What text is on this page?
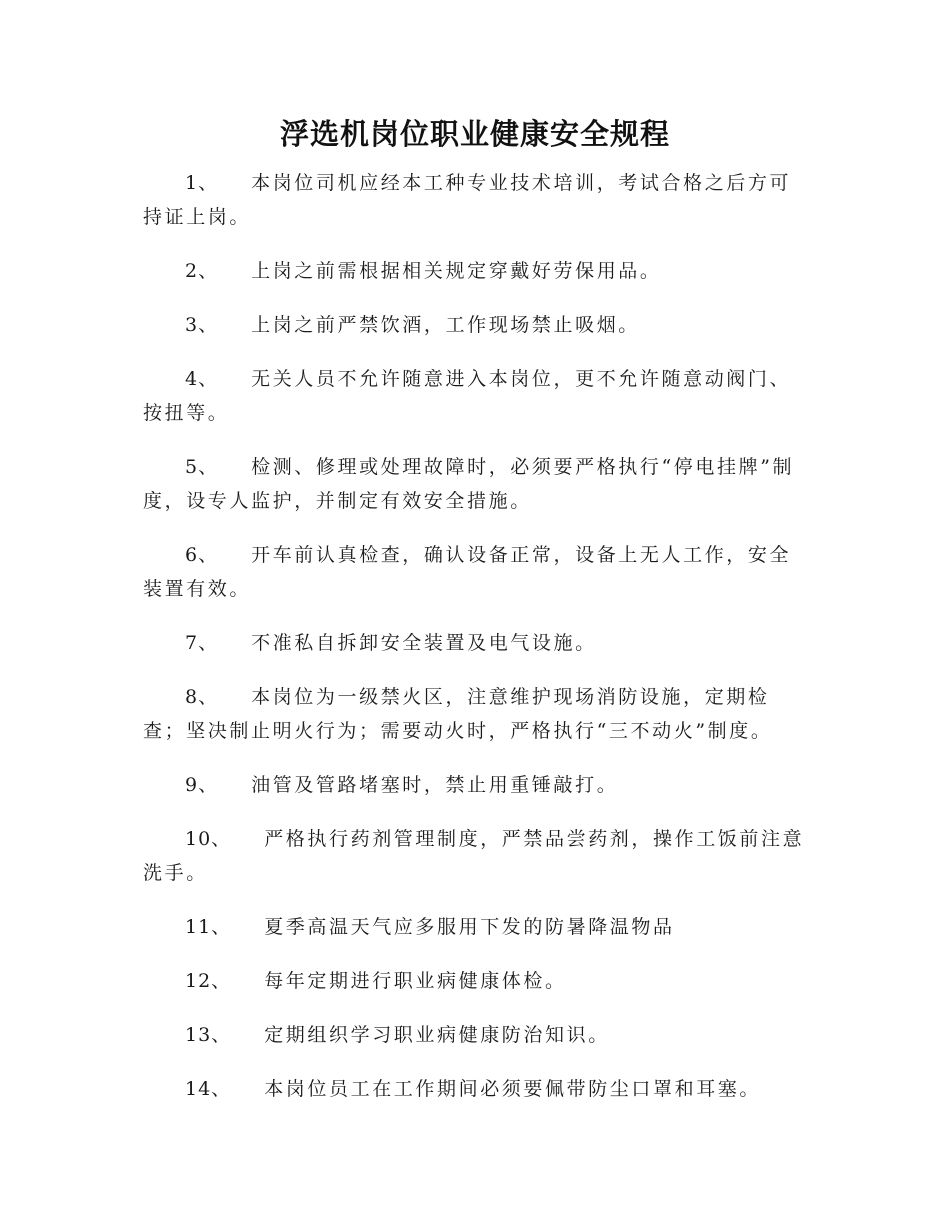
浮选机岗位职业健康安全规程
1、 本岗位司机应经本工种专业技术培训，考试合格之后方可持证上岗。
2、 上岗之前需根据相关规定穿戴好劳保用品。
3、 上岗之前严禁饮酒，工作现场禁止吸烟。
4、 无关人员不允许随意进入本岗位，更不允许随意动阀门、按扭等。
5、 检测、修理或处理故障时，必须要严格执行“停电挂牌”制度，设专人监护，并制定有效安全措施。
6、 开车前认真检查，确认设备正常，设备上无人工作，安全装置有效。
7、 不准私自拆卸安全装置及电气设施。
8、 本岗位为一级禁火区，注意维护现场消防设施，定期检查；坚决制止明火行为；需要动火时，严格执行“三不动火”制度。
9、 油管及管路堵塞时，禁止用重锤敲打。
10、 严格执行药剂管理制度，严禁品尝药剂，操作工饭前注意洗手。
11、 夏季高温天气应多服用下发的防暑降温物品
12、 每年定期进行职业病健康体检。
13、 定期组织学习职业病健康防治知识。
14、 本岗位员工在工作期间必须要佩带防尘口罩和耳塞。
